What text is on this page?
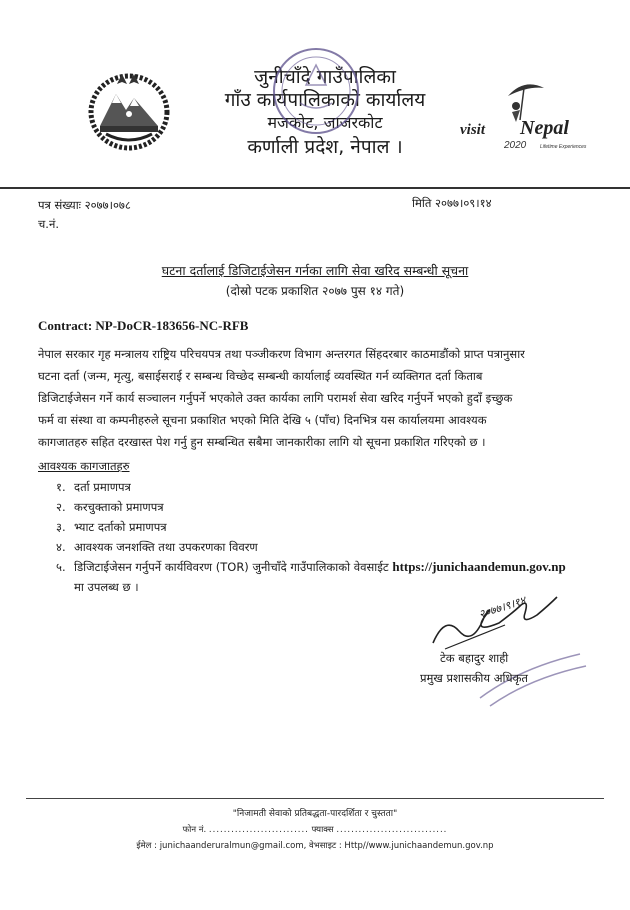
जुनीचाँदे गाउँपालिका
गाँउ कार्यपालिकाको कार्यालय
मजकोट, जाजरकोट
कर्णाली प्रदेश, नेपाल ।
visit Nepal
2020	Lifetime Experiences
पत्र संख्याः २०७७।०७८
च.नं.
मिति २०७७।०९।१४
घटना दर्तालाई डिजिटाईजेसन गर्नका लागि सेवा खरिद सम्बन्धी सूचना
(दोस्रो पटक प्रकाशित २०७७ पुस १४ गते)
Contract: NP-DoCR-183656-NC-RFB
नेपाल सरकार गृह मन्त्रालय राष्ट्रिय परिचयपत्र तथा पञ्जीकरण विभाग अन्तरगत सिंहदरबार काठमाडौंको प्राप्त पत्रानुसार
घटना दर्ता (जन्म, मृत्यु, बसाईसराई र सम्बन्ध विच्छेद सम्बन्धी कार्यालाई व्यवस्थित गर्न व्यक्तिगत दर्ता किताब
डिजिटाईजेसन गर्ने कार्य सञ्चालन गर्नुपर्ने भएकोले उक्त कार्यका लागि परामर्श सेवा खरिद गर्नुपर्ने भएको हुदाँ इच्छुक
फर्म वा संस्था वा कम्पनीहरुले सूचना प्रकाशित भएको मिति देखि ५ (पाँच) दिनभित्र यस कार्यालयमा आवश्यक
कागजातहरु सहित दरखास्त पेश गर्नु हुन सम्बन्धित सबैमा जानकारीका लागि यो सूचना प्रकाशित गरिएको छ ।
आवश्यक कागजातहरु
१. दर्ता प्रमाणपत्र
२. करचुक्ताको प्रमाणपत्र
३. भ्याट दर्ताको प्रमाणपत्र
४. आवश्यक जनशक्ति तथा उपकरणका विवरण
५. डिजिटाईजेसन गर्नुपर्ने कार्यविवरण (TOR) जुनीचाँदे गाउँपालिकाको वेवसाईट https://junichaandemun.gov.np
मा उपलब्ध छ ।
२०७७।९।१४
टेक बहादुर शाही
प्रमुख प्रशासकीय अधिकृत
"निजामती सेवाको प्रतिबद्धता-पारदर्शिता र चुस्तता"
फोन नं. ........................... फ्याक्स ..............................
ईमेल : junichaanderuralmun@gmail.com, वेभसाइट : Http//www.junichaandemun.gov.np
